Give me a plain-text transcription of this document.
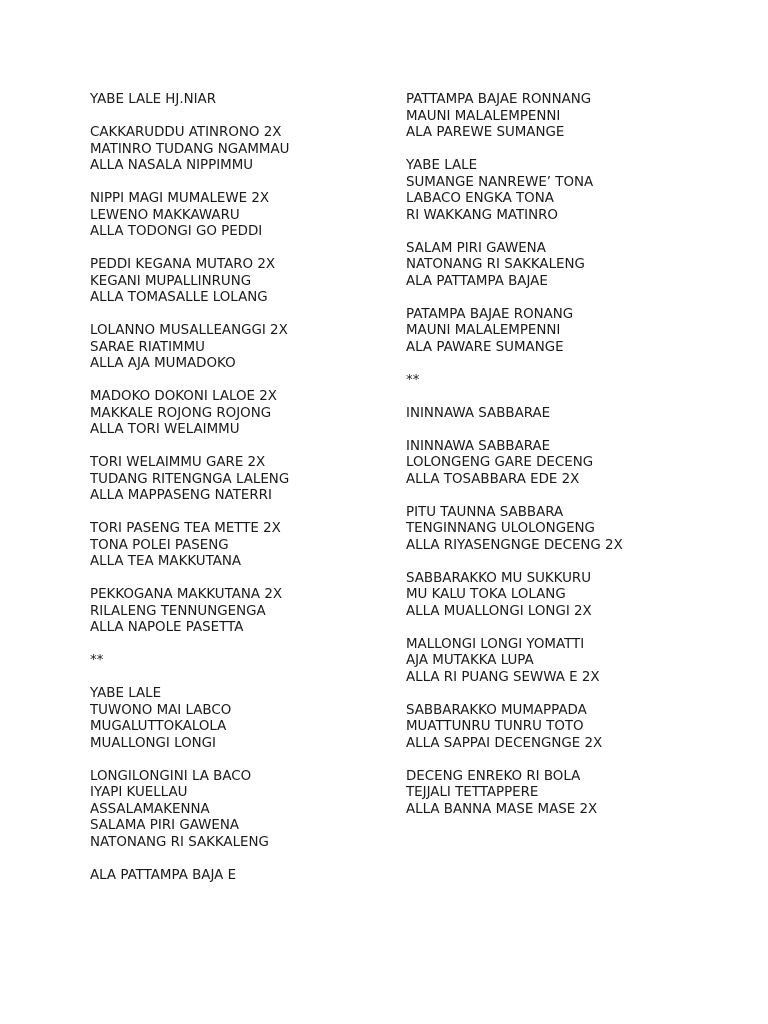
YABE LALE HJ.NIAR
CAKKARUDDU ATINRONO 2X
MATINRO TUDANG NGAMMAU
ALLA NASALA NIPPIMMU
NIPPI MAGI MUMALEWE 2X
LEWENO MAKKAWARU
ALLA TODONGI GO PEDDI
PEDDI KEGANA MUTARO 2X
KEGANI MUPALLINRUNG
ALLA TOMASALLE LOLANG
LOLANNO MUSALLEANGGI 2X
SARAE RIATIMMU
ALLA AJA MUMADOKO
MADOKO DOKONI LALOE 2X
MAKKALE ROJONG ROJONG
ALLA TORI WELAIMMU
TORI WELAIMMU GARE 2X
TUDANG RITENGNGA LALENG
ALLA MAPPASENG NATERRI
TORI PASENG TEA METTE 2X
TONA POLEI PASENG
ALLA TEA MAKKUTANA
PEKKOGANA MAKKUTANA 2X
RILALENG TENNUNGENGA
ALLA NAPOLE PASETTA
**
YABE LALE
TUWONO MAI LABCO
MUGALUTTOKALOLA
MUALLONGI LONGI
LONGILONGINI LA BACO
IYAPI KUELLAU
ASSALAMAKENNA
SALAMA PIRI GAWENA
NATONANG RI SAKKALENG
ALA PATTAMPA BAJA E
PATTAMPA BAJAE RONNANG
MAUNI MALALEMPENNI
ALA PAREWE SUMANGE
YABE LALE
SUMANGE NANREWE’ TONA
LABACO ENGKA TONA
RI WAKKANG MATINRO
SALAM PIRI GAWENA
NATONANG RI SAKKALENG
ALA PATTAMPA BAJAE
PATAMPA BAJAE RONANG
MAUNI MALALEMPENNI
ALA PAWARE SUMANGE
**
ININNAWA SABBARAE
ININNAWA SABBARAE
LOLONGENG GARE DECENG
ALLA TOSABBARA EDE 2X
PITU TAUNNA SABBARA
TENGINNANG ULOLONGENG
ALLA RIYASENGNGE DECENG 2X
SABBARAKKO MU SUKKURU
MU KALU TOKA LOLANG
ALLA MUALLONGI LONGI 2X
MALLONGI LONGI YOMATTI
AJA MUTAKKA LUPA
ALLA RI PUANG SEWWA E 2X
SABBARAKKO MUMAPPADA
MUATTUNRU TUNRU TOTO
ALLA SAPPAI DECENGNGE 2X
DECENG ENREKO RI BOLA
TEJJALI TETTAPPERE
ALLA BANNA MASE MASE 2X
